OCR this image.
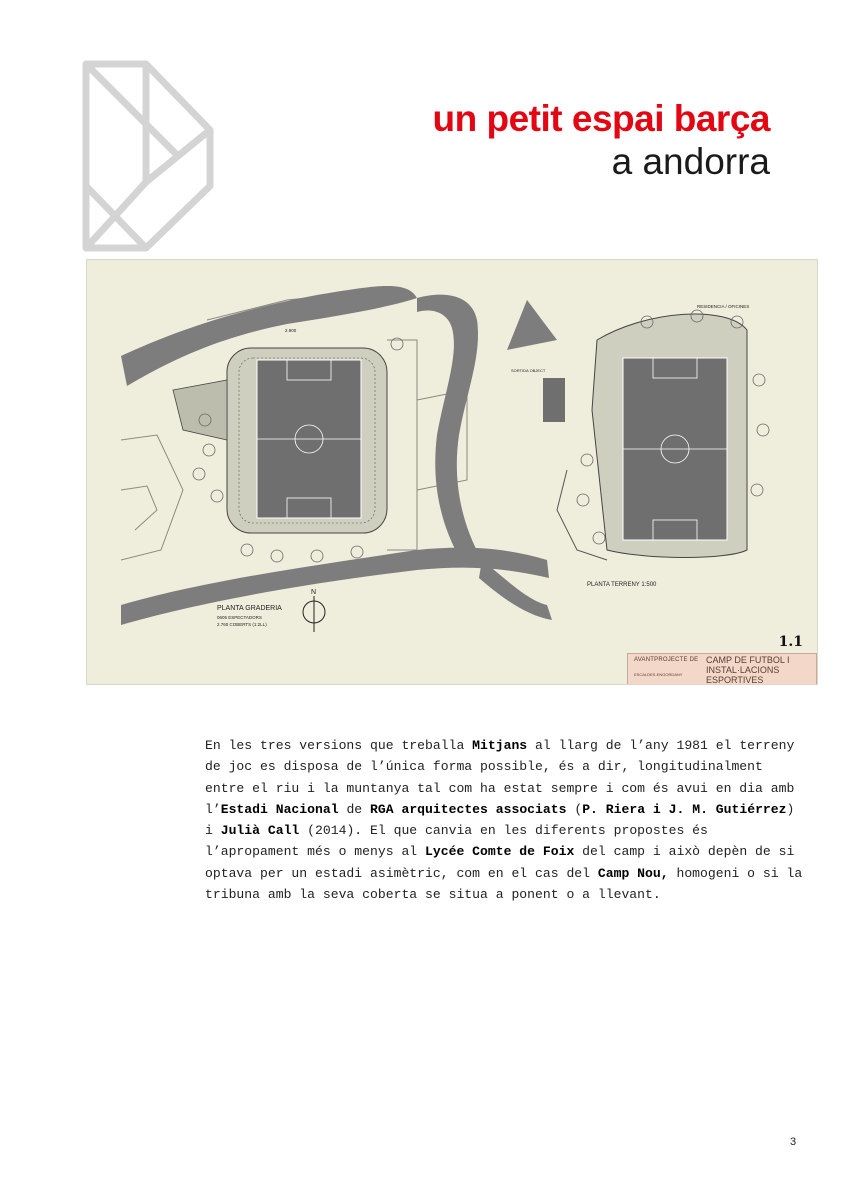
un petit espai barça
a andorra
N
PLANTA GRADERIA
0605 ESPECTADORS
2.760 COBERTS (1:2LL)
PLANTA TERRENY 1:500
RESIDENCIA / OFICINES
2.900
SORTIDA OBJECT
1.1
AVANTPROJECTE DE CAMP DE FUTBOL I INSTAL·LACIONS ESPORTIVES
ESCALDES-ENGORDANY
En les tres versions que treballa Mitjans al llarg de l’any 1981 el terreny de joc es disposa de l’única forma possible, és a dir, longitudinalment entre el riu i la muntanya tal com ha estat sempre i com és avui en dia amb l’Estadi Nacional de RGA arquitectes associats (P. Riera i J. M. Gutiérrez) i Julià Call (2014). El que canvia en les diferents propostes és l’apropament més o menys al Lycée Comte de Foix del camp i això depèn de si optava per un estadi asimètric, com en el cas del Camp Nou, homogeni o si la tribuna amb la seva coberta se situa a ponent o a llevant.
3
